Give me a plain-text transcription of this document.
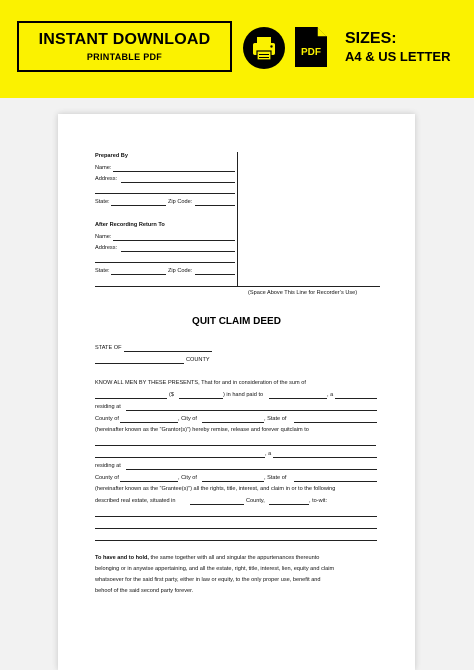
INSTANT DOWNLOAD
PRINTABLE PDF	PDF
SIZES:
A4 & US LETTER
Prepared By
Name:
Address:
State:	Zip Code:
After Recording Return To
Name:
Address:
State:	Zip Code:
(Space Above This Line for Recorder’s Use)
QUIT CLAIM DEED
STATE OF
COUNTY
KNOW ALL MEN BY THESE PRESENTS, That for and in consideration of the sum of
($	) in hand paid to	, a
residing at
County of	, City of	, State of
(hereinafter known as the “Grantor(s)”) hereby remise, release and forever quitclaim to
, a
residing at
County of	, City of	, State of
(hereinafter known as the “Grantee(s)”) all the rights, title, interest, and claim in or to the following
described real estate, situated in	County,	, to-wit:
To have and to hold, the same together with all and singular the appurtenances thereunto
belonging or in anywise appertaining, and all the estate, right, title, interest, lien, equity and claim
whatsoever for the said first party, either in law or equity, to the only proper use, benefit and
behoof of the said second party forever.
